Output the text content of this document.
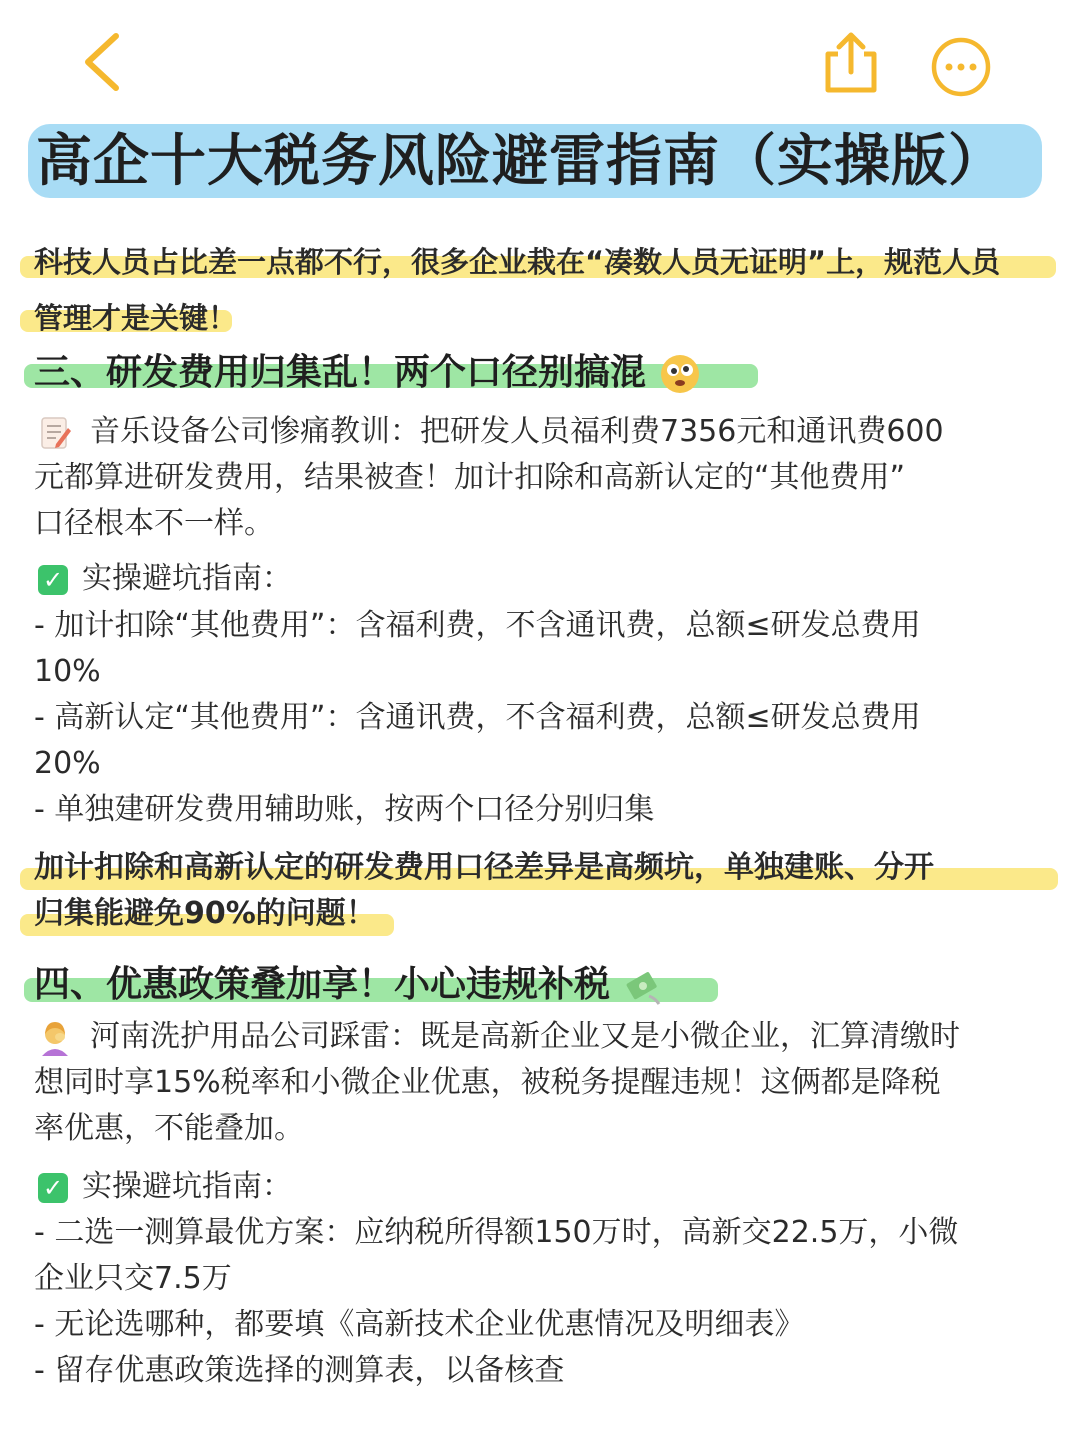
高企十大税务风险避雷指南（实操版）
科技人员占比差一点都不行，很多企业栽在“凑数人员无证明”上，规范人员
管理才是关键！
三、研发费用归集乱！两个口径别搞混
音乐设备公司惨痛教训：把研发人员福利费7356元和通讯费600
元都算进研发费用，结果被查！加计扣除和高新认定的“其他费用”
口径根本不一样。
✓ 实操避坑指南：
- 加计扣除“其他费用”：含福利费，不含通讯费，总额≤研发总费用
10%
- 高新认定“其他费用”：含通讯费，不含福利费，总额≤研发总费用
20%
- 单独建研发费用辅助账，按两个口径分别归集
加计扣除和高新认定的研发费用口径差异是高频坑，单独建账、分开
归集能避免90%的问题！
四、优惠政策叠加享！小心违规补税
河南洗护用品公司踩雷：既是高新企业又是小微企业，汇算清缴时
想同时享15%税率和小微企业优惠，被税务提醒违规！这俩都是降税
率优惠，不能叠加。
✓ 实操避坑指南：
- 二选一测算最优方案：应纳税所得额150万时，高新交22.5万，小微
企业只交7.5万
- 无论选哪种，都要填《高新技术企业优惠情况及明细表》
- 留存优惠政策选择的测算表，以备核查
